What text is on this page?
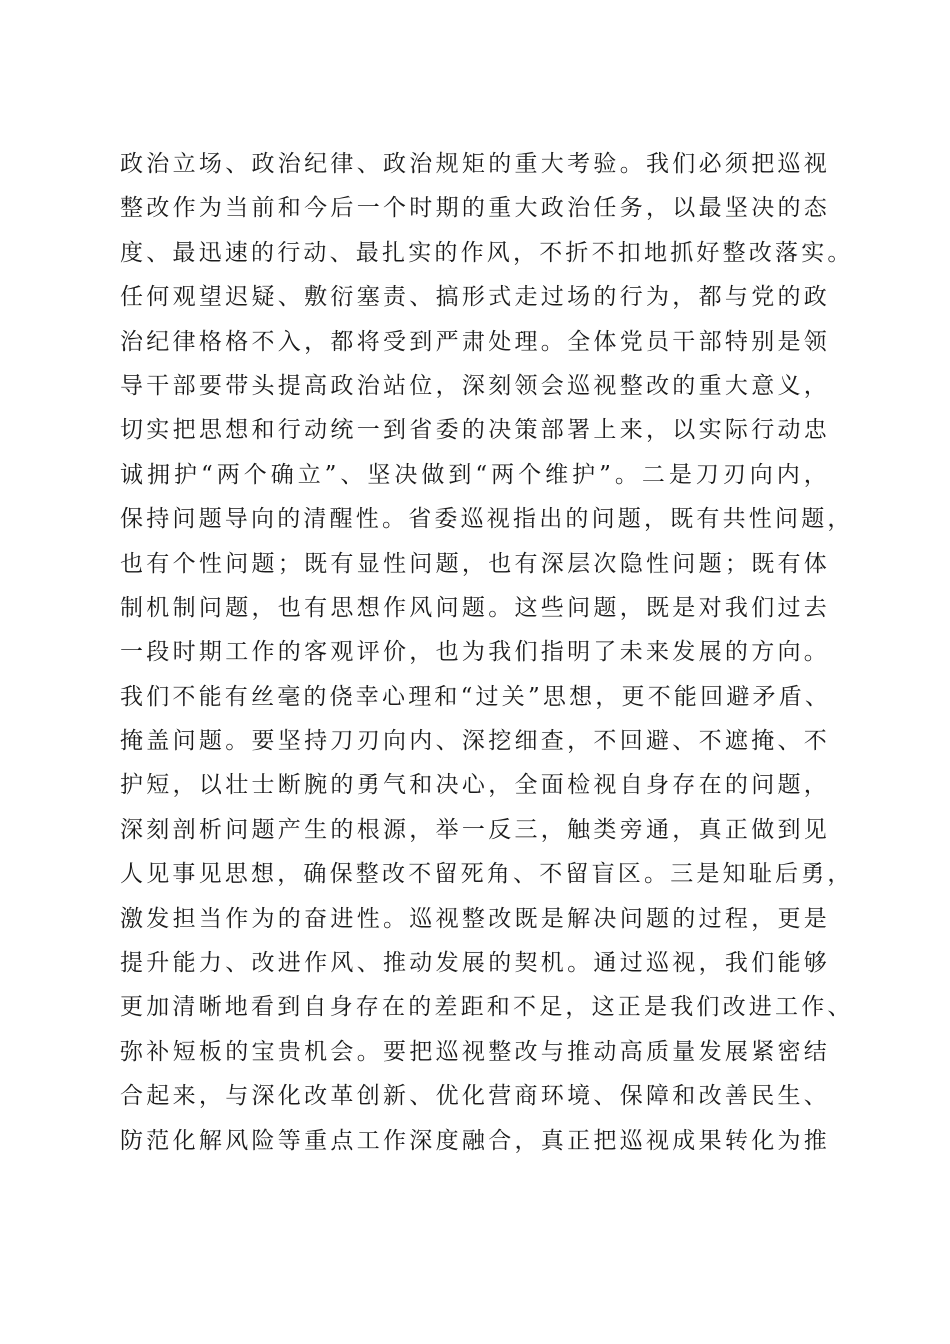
政治立场、政治纪律、政治规矩的重大考验。我们必须把巡视
整改作为当前和今后一个时期的重大政治任务，以最坚决的态
度、最迅速的行动、最扎实的作风，不折不扣地抓好整改落实。
任何观望迟疑、敷衍塞责、搞形式走过场的行为，都与党的政
治纪律格格不入，都将受到严肃处理。全体党员干部特别是领
导干部要带头提高政治站位，深刻领会巡视整改的重大意义，
切实把思想和行动统一到省委的决策部署上来，以实际行动忠
诚拥护“两个确立”、坚决做到“两个维护”。二是刀刃向内，
保持问题导向的清醒性。省委巡视指出的问题，既有共性问题，
也有个性问题；既有显性问题，也有深层次隐性问题；既有体
制机制问题，也有思想作风问题。这些问题，既是对我们过去
一段时期工作的客观评价，也为我们指明了未来发展的方向。
我们不能有丝毫的侥幸心理和“过关”思想，更不能回避矛盾、
掩盖问题。要坚持刀刃向内、深挖细查，不回避、不遮掩、不
护短，以壮士断腕的勇气和决心，全面检视自身存在的问题，
深刻剖析问题产生的根源，举一反三，触类旁通，真正做到见
人见事见思想，确保整改不留死角、不留盲区。三是知耻后勇，
激发担当作为的奋进性。巡视整改既是解决问题的过程，更是
提升能力、改进作风、推动发展的契机。通过巡视，我们能够
更加清晰地看到自身存在的差距和不足，这正是我们改进工作、
弥补短板的宝贵机会。要把巡视整改与推动高质量发展紧密结
合起来，与深化改革创新、优化营商环境、保障和改善民生、
防范化解风险等重点工作深度融合，真正把巡视成果转化为推
